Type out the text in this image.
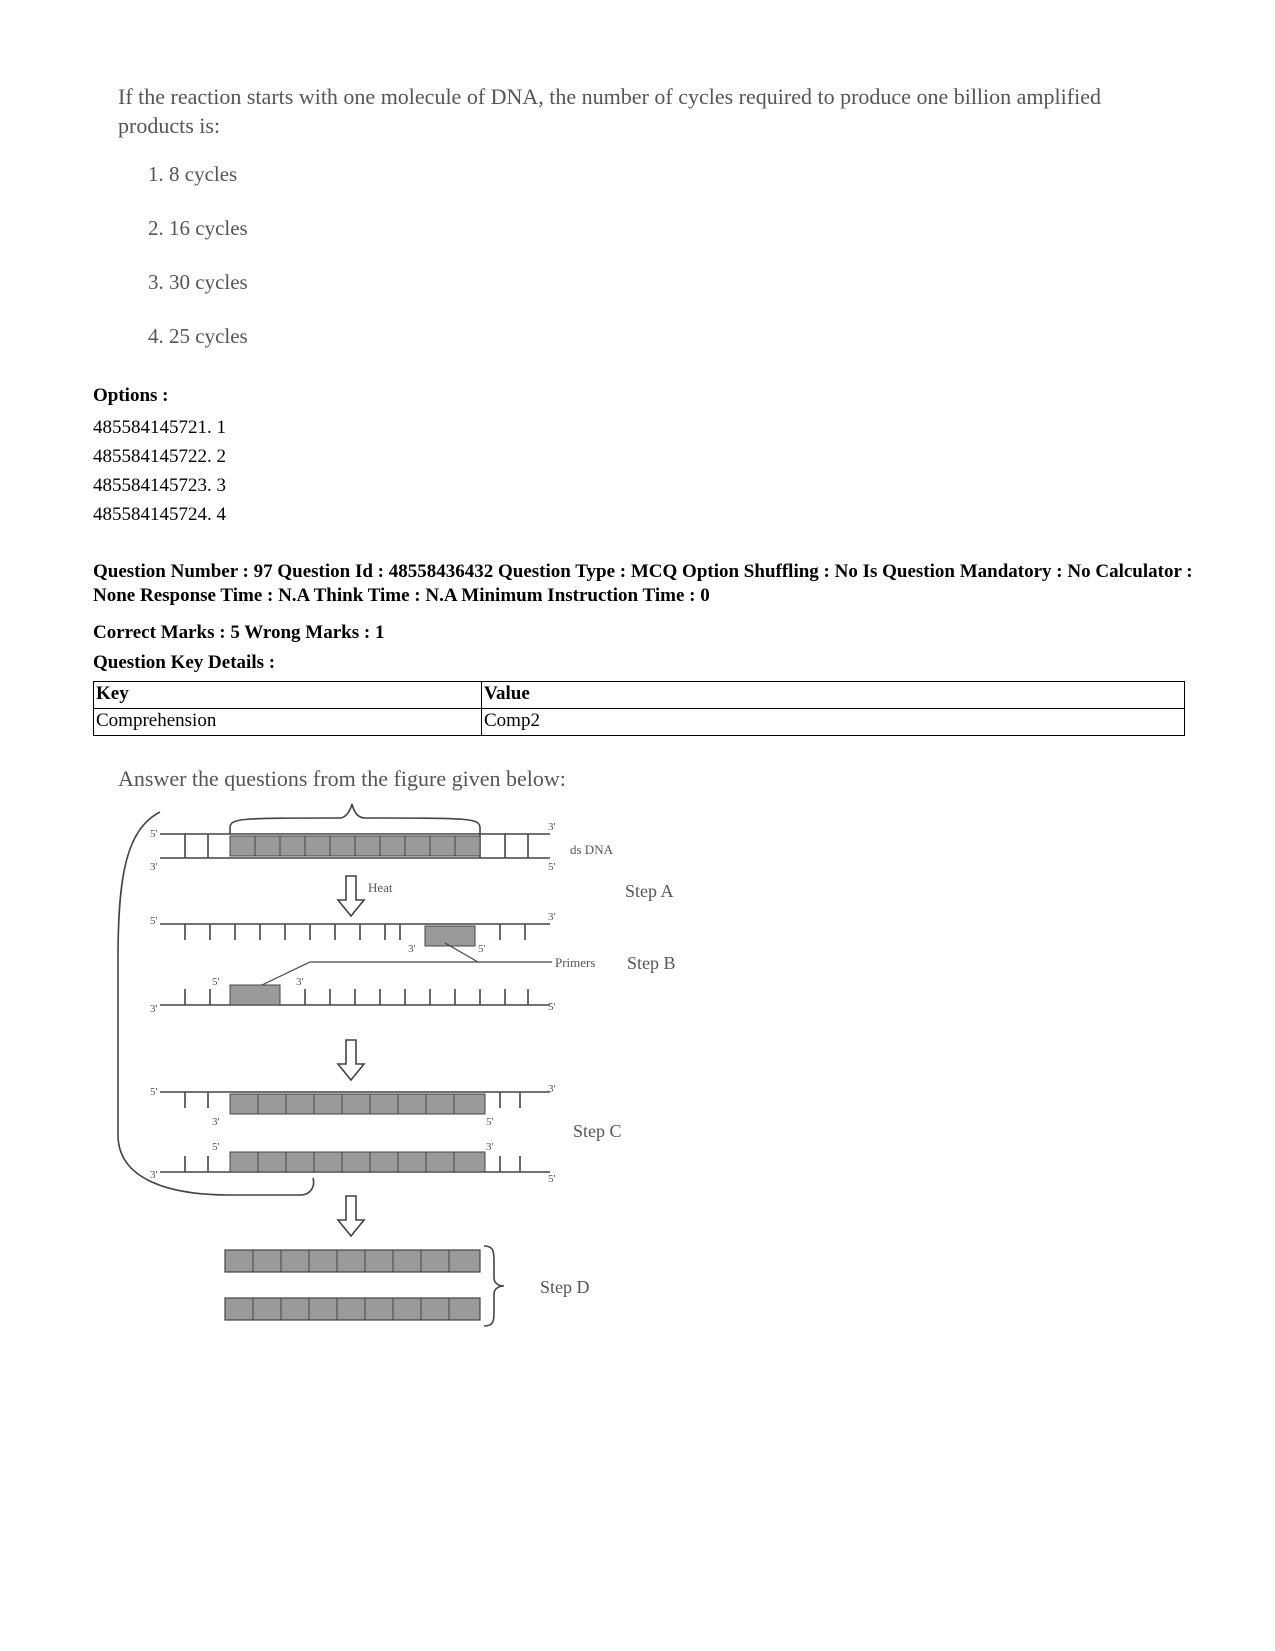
If the reaction starts with one molecule of DNA, the number of cycles required to produce one billion amplified products is:
1. 8 cycles
2. 16 cycles
3. 30 cycles
4. 25 cycles
Options :
485584145721. 1
485584145722. 2
485584145723. 3
485584145724. 4
Question Number : 97 Question Id : 48558436432 Question Type : MCQ Option Shuffling : No Is Question Mandatory : No Calculator : None Response Time : N.A Think Time : N.A Minimum Instruction Time : 0
Correct Marks : 5 Wrong Marks : 1
Question Key Details :
Key	Value
Comprehension	Comp2
Answer the questions from the figure given below:
5'
3'
3'
5'
ds DNA
Heat	Step A
5'	3'
3'	5'
Primers Step B
5'	3'
3'	5'
5'	3'
3'	5'	Step C
5'	3'
3'	5'
Step D
